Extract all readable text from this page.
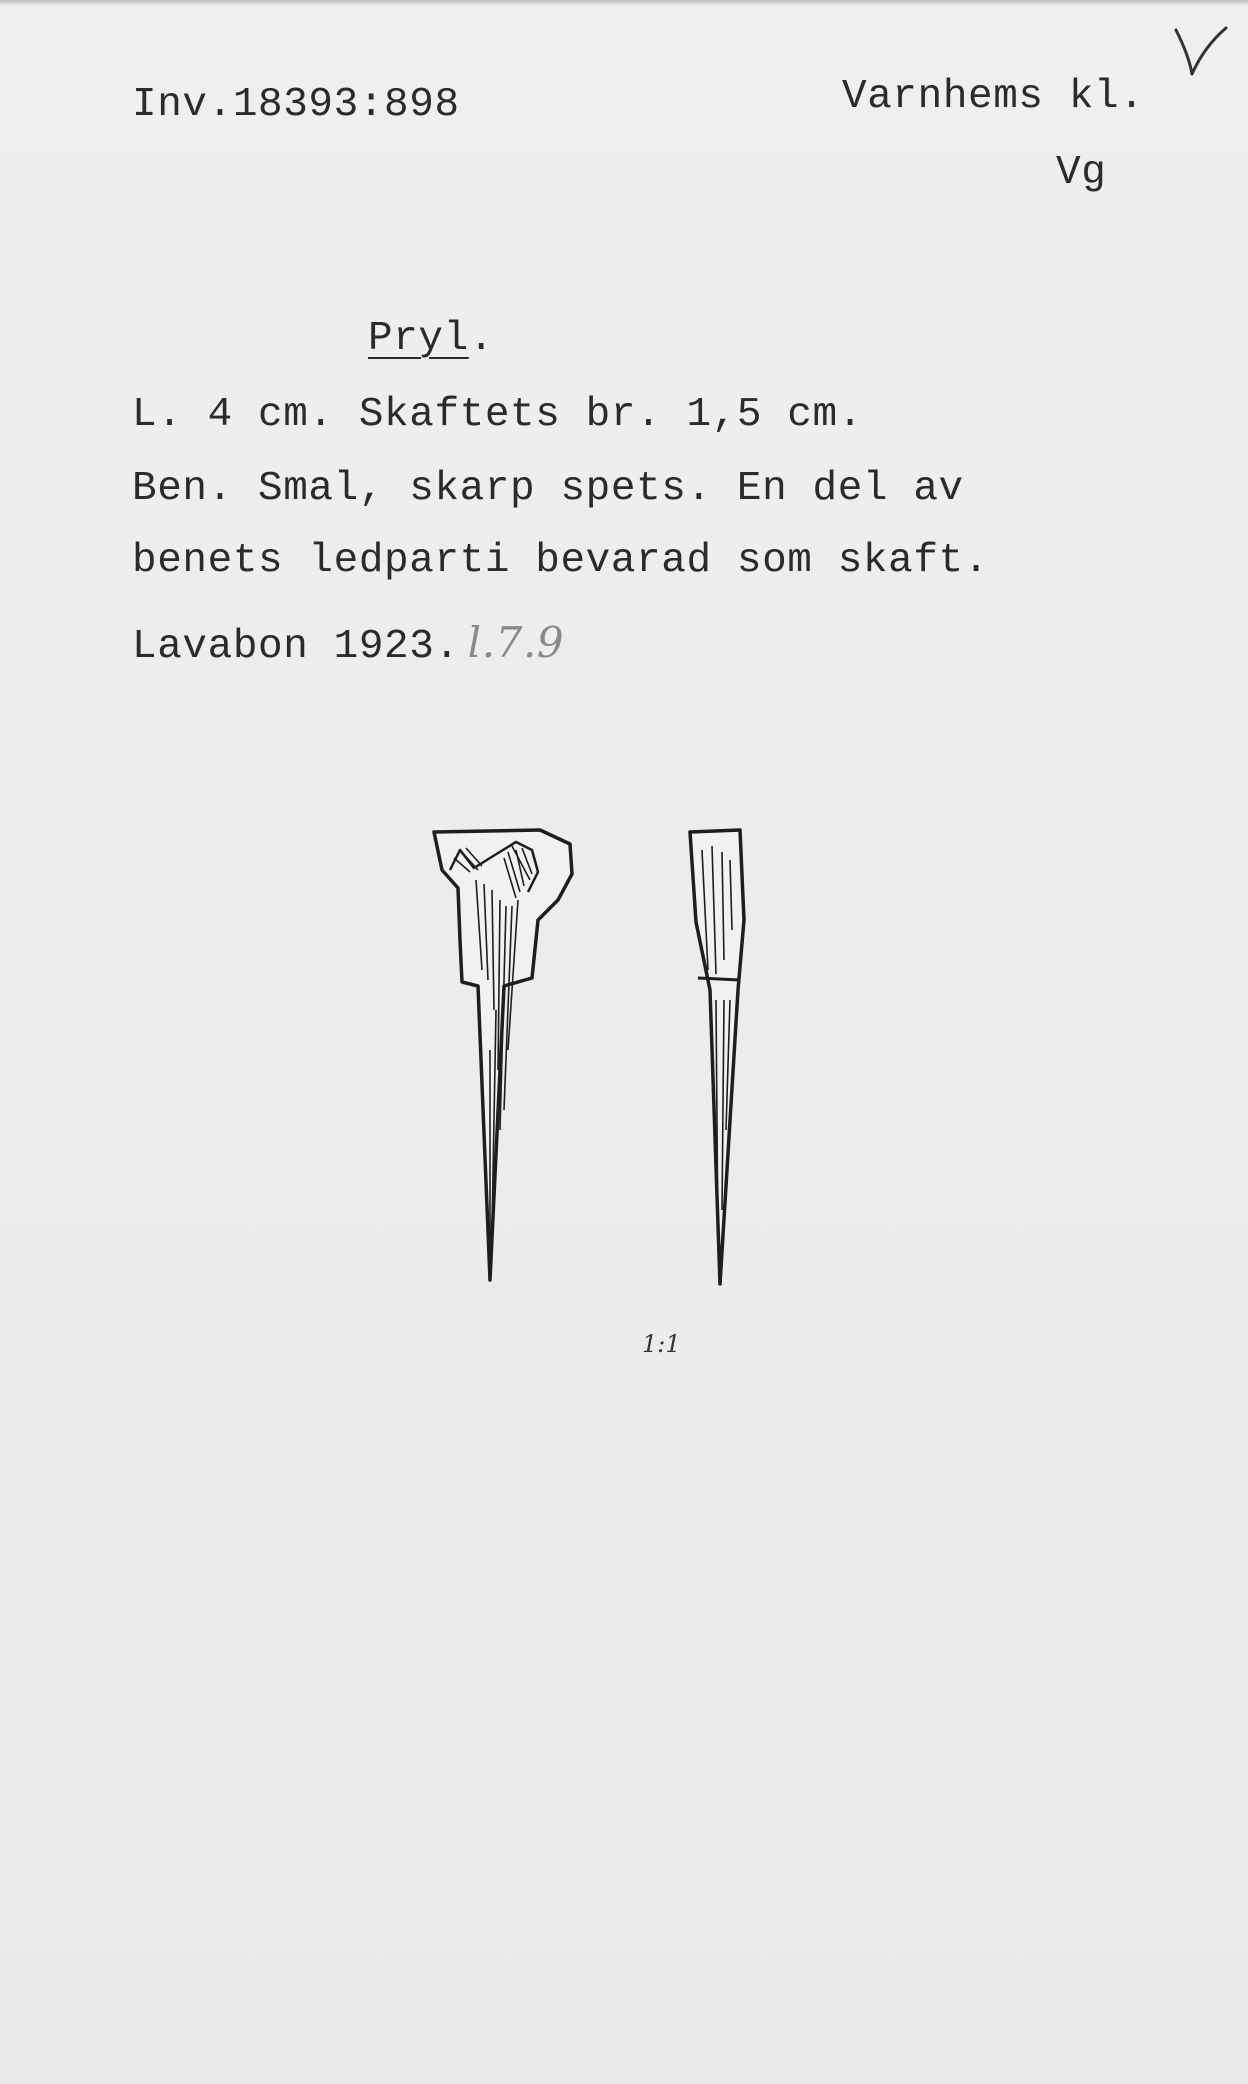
Inv.18393:898	Varnhems kl.
Vg
Pryl.
L. 4 cm. Skaftets br. 1,5 cm.
Ben. Smal, skarp spets. En del av
benets ledparti bevarad som skaft.
Lavabon 1923. l.7.9
1:1
